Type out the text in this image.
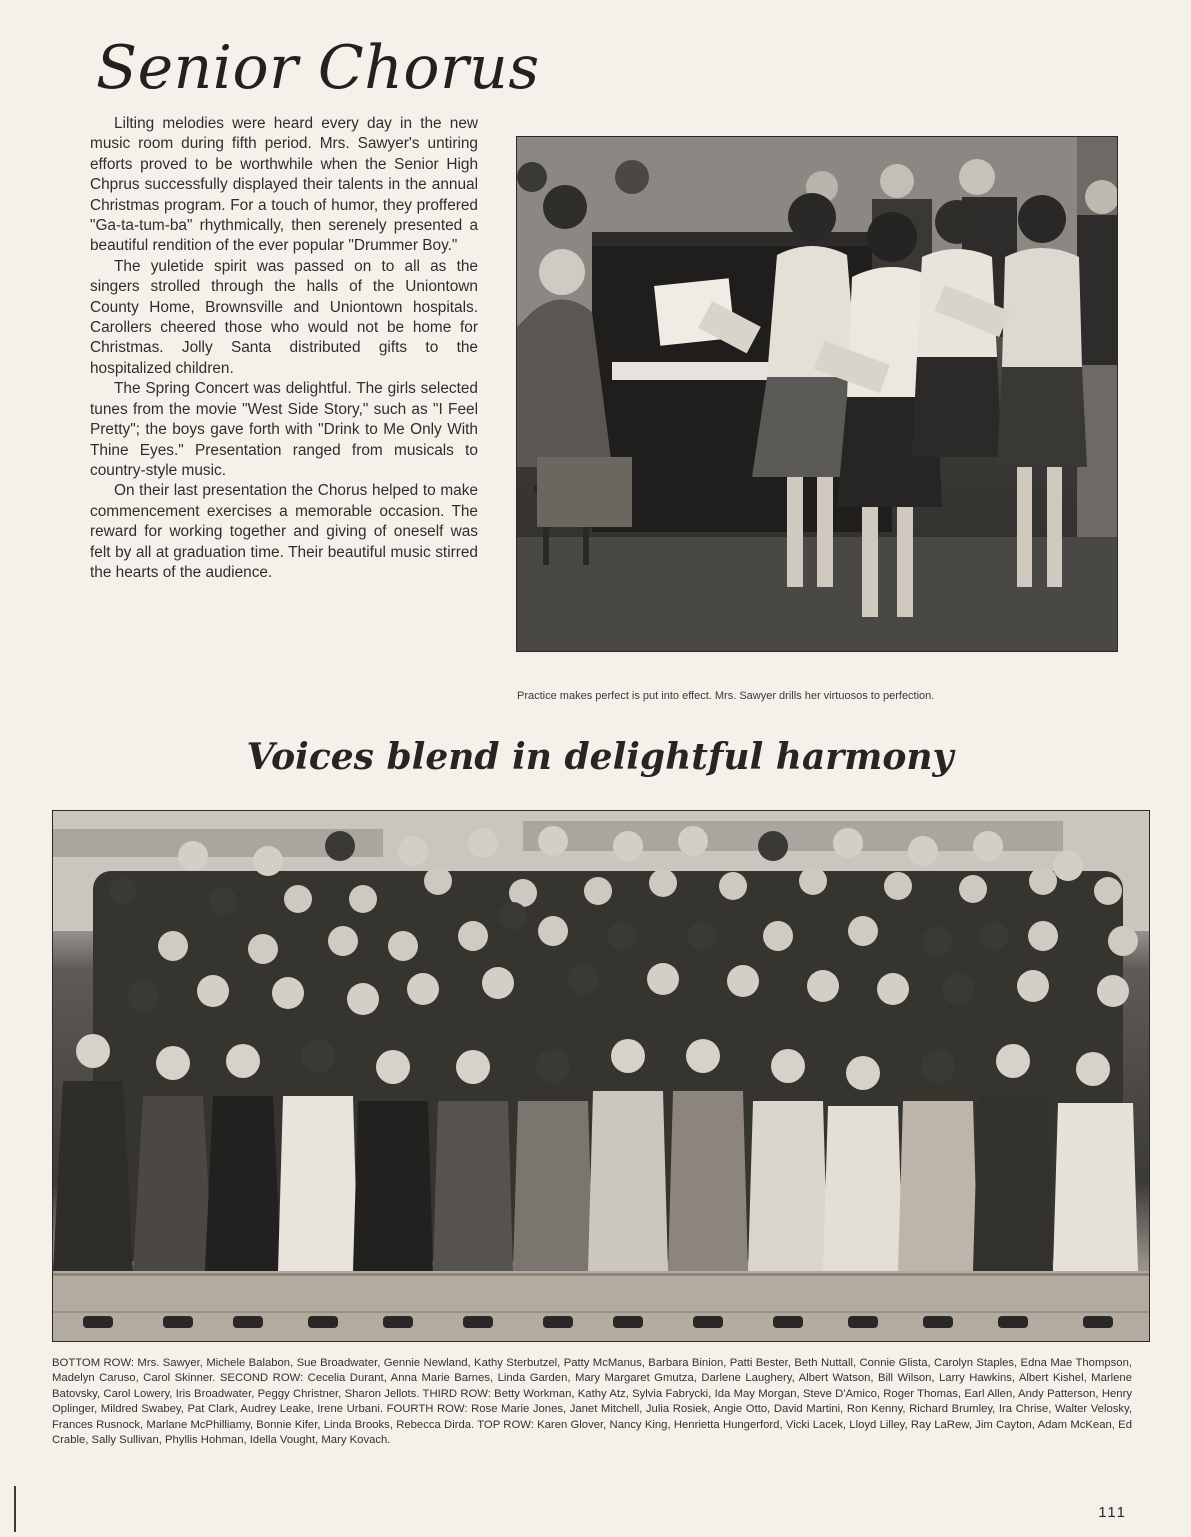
Senior Chorus

Lilting melodies were heard every day in the new music room during fifth period. Mrs. Sawyer's untiring efforts proved to be worthwhile when the Senior High Chprus successfully displayed their talents in the annual Christmas program. For a touch of humor, they proffered "Ga-ta-tum-ba" rhythmically, then serenely presented a beautiful rendition of the ever popular "Drummer Boy."

The yuletide spirit was passed on to all as the singers strolled through the halls of the Uniontown County Home, Brownsville and Uniontown hospitals. Carollers cheered those who would not be home for Christmas. Jolly Santa distributed gifts to the hospitalized children.

The Spring Concert was delightful. The girls selected tunes from the movie "West Side Story," such as "I Feel Pretty"; the boys gave forth with "Drink to Me Only With Thine Eyes." Presentation ranged from musicals to country-style music.

On their last presentation the Chorus helped to make commencement exercises a memorable occasion. The reward for working together and giving of oneself was felt by all at graduation time. Their beautiful music stirred the hearts of the audience.

Practice makes perfect is put into effect. Mrs. Sawyer drills her virtuosos to perfection.

Voices blend in delightful harmony

BOTTOM ROW: Mrs. Sawyer, Michele Balabon, Sue Broadwater, Gennie Newland, Kathy Sterbutzel, Patty McManus, Barbara Binion, Patti Bester, Beth Nuttall, Connie Glista, Carolyn Staples, Edna Mae Thompson, Madelyn Caruso, Carol Skinner. SECOND ROW: Cecelia Durant, Anna Marie Barnes, Linda Garden, Mary Margaret Gmutza, Darlene Laughery, Albert Watson, Bill Wilson, Larry Hawkins, Albert Kishel, Marlene Batovsky, Carol Lowery, Iris Broadwater, Peggy Christner, Sharon Jellots. THIRD ROW: Betty Workman, Kathy Atz, Sylvia Fabrycki, Ida May Morgan, Steve D'Amico, Roger Thomas, Earl Allen, Andy Patterson, Henry Oplinger, Mildred Swabey, Pat Clark, Audrey Leake, Irene Urbani. FOURTH ROW: Rose Marie Jones, Janet Mitchell, Julia Rosiek, Angie Otto, David Martini, Ron Kenny, Richard Brumley, Ira Chrise, Walter Velosky, Frances Rusnock, Marlane McPhilliamy, Bonnie Kifer, Linda Brooks, Rebecca Dirda. TOP ROW: Karen Glover, Nancy King, Henrietta Hungerford, Vicki Lacek, Lloyd Lilley, Ray LaRew, Jim Cayton, Adam McKean, Ed Crable, Sally Sullivan, Phyllis Hohman, Idella Vought, Mary Kovach.

111
